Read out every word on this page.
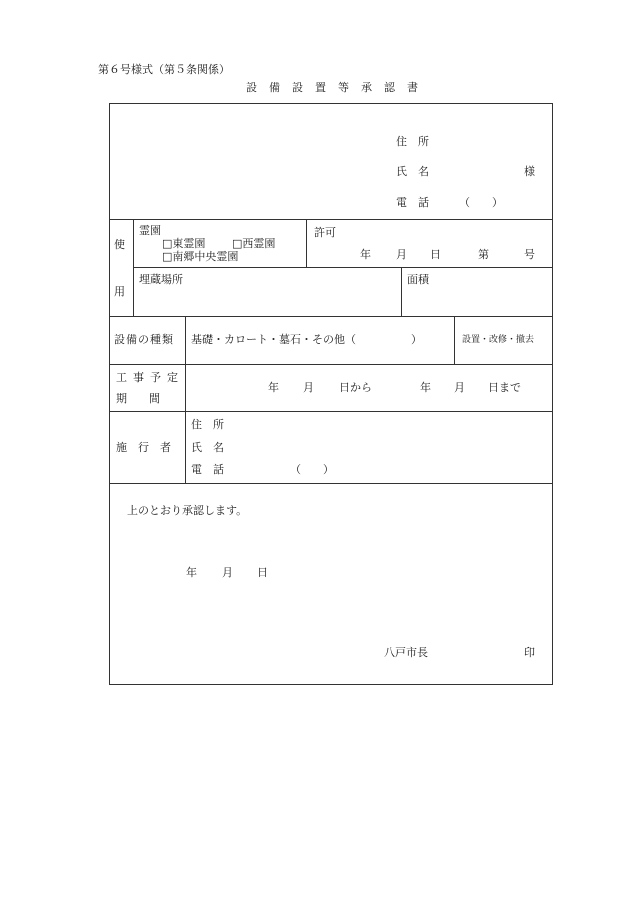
第６号様式（第５条関係）
設　備　設　置　等　承　認　書
住　所
氏　名	様
電　話	（　　）
使
用
霊園
□東霊園 □西霊園
□南郷中央霊園
許可
年 月 日	第	号
埋蔵場所	面積
設備の種類 基礎・カロート・墓石・その他（　　　　　）	設置・改修・撤去
工事予定
期　　間
年 月 日から	年 月 日まで
施　行　者
住　所
氏　名
電　話	（　　）
上のとおり承認します。
年 月 日
八戸市長	印
